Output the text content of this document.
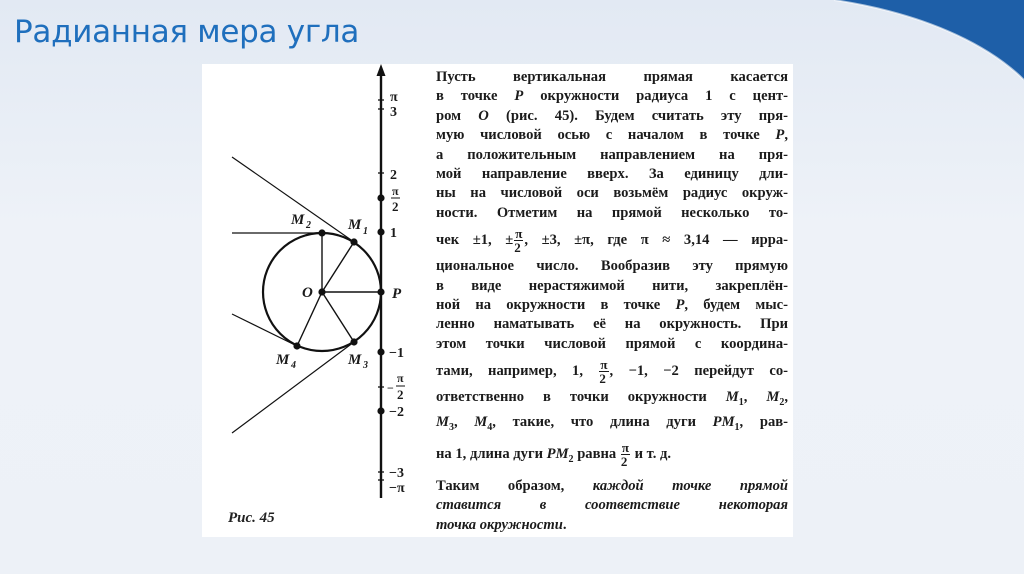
Радианная мера угла
π
3
2
π
2
1
−1
−
π
2
−2
−3
−π
O	P
M 1
M 2
M 3
M 4
Рис. 45
Пусть вертикальная прямая касается
в точке P окружности радиуса 1 с цент-
ром O (рис. 45). Будем считать эту пря-
мую числовой осью с началом в точке P,
а положительным направлением на пря-
мой направление вверх. За единицу дли-
ны на числовой оси возьмём радиус окруж-
ности. Отметим на прямой несколько то-
чек ±1, ± $\frac{\pi}{2}$ , ±3, ±π, где π ≈ 3,14 — ирра-
циональное число. Вообразив эту прямую
в виде нерастяжимой нити, закреплён-
ной на окружности в точке P, будем мыс-
ленно наматывать её на окружность. При
этом точки числовой прямой с координа-
тами, например, 1, $\frac{\pi}{2}$ , −1, −2 перейдут со-
ответственно в точки окружности $M_1$, $M_2$,
$M_3$, $M_4$, такие, что длина дуги $PM_1$, рав-
на 1, длина дуги $PM_2$ равна $\frac{\pi}{2}$ и т. д.
Таким образом, каждой точке прямой
ставится в соответствие некоторая
точка окружности.
